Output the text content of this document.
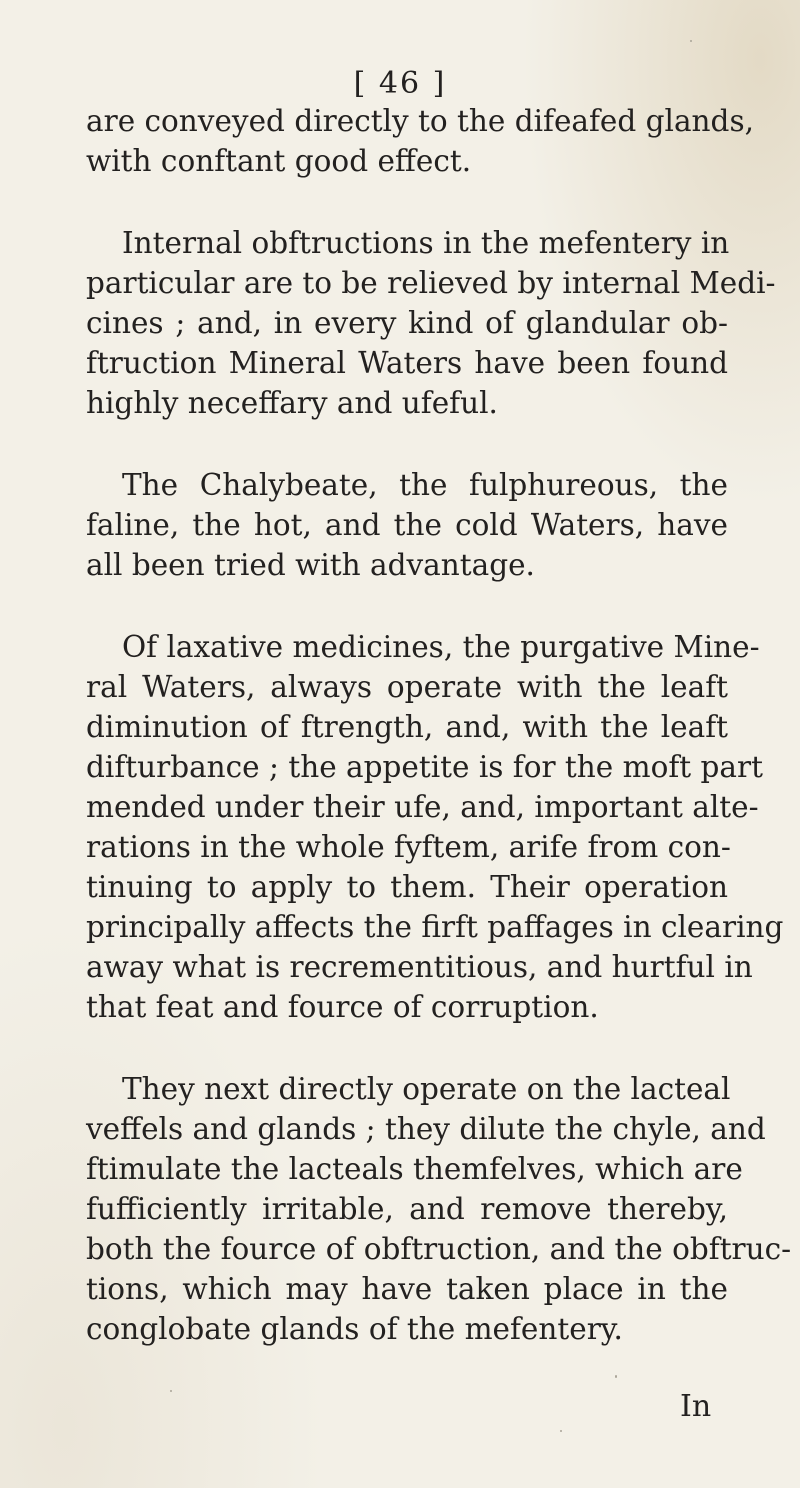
[ 46 ]
are conveyed directly to the difeafed glands,
with conftant good effect.
Internal obftructions in the mefentery in
particular are to be relieved by internal Medi-
cines ; and, in every kind of glandular ob-
ftruction Mineral Waters have been found
highly neceffary and ufeful.
The Chalybeate, the fulphureous, the
faline, the hot, and the cold Waters, have
all been tried with advantage.
Of laxative medicines, the purgative Mine-
ral Waters, always operate with the leaft
diminution of ftrength, and, with the leaft
difturbance ; the appetite is for the moft part
mended under their ufe, and, important alte-
rations in the whole fyftem, arife from con-
tinuing to apply to them. Their operation
principally affects the firft paffages in clearing
away what is recrementitious, and hurtful in
that feat and fource of corruption.
They next directly operate on the lacteal
veffels and glands ; they dilute the chyle, and
ftimulate the lacteals themfelves, which are
fufficiently irritable, and remove thereby,
both the fource of obftruction, and the obftruc-
tions, which may have taken place in the
conglobate glands of the mefentery.
In
